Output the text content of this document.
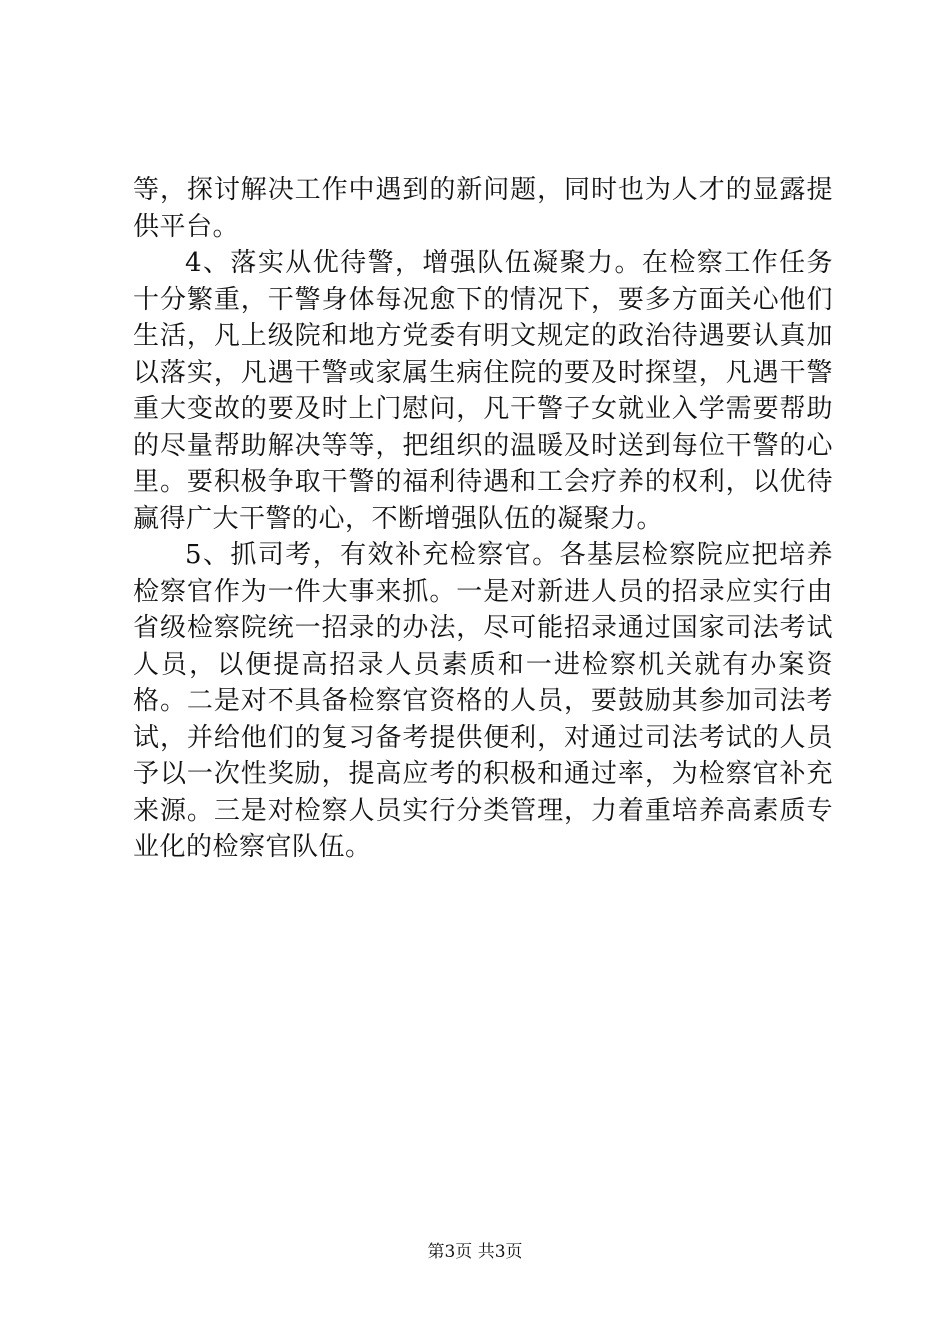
等，探讨解决工作中遇到的新问题，同时也为人才的显露提供平台。

4、落实从优待警，增强队伍凝聚力。在检察工作任务十分繁重，干警身体每况愈下的情况下，要多方面关心他们生活，凡上级院和地方党委有明文规定的政治待遇要认真加以落实，凡遇干警或家属生病住院的要及时探望，凡遇干警重大变故的要及时上门慰问，凡干警子女就业入学需要帮助的尽量帮助解决等等，把组织的温暖及时送到每位干警的心里。要积极争取干警的福利待遇和工会疗养的权利，以优待赢得广大干警的心，不断增强队伍的凝聚力。

5、抓司考，有效补充检察官。各基层检察院应把培养检察官作为一件大事来抓。一是对新进人员的招录应实行由省级检察院统一招录的办法，尽可能招录通过国家司法考试人员，以便提高招录人员素质和一进检察机关就有办案资格。二是对不具备检察官资格的人员，要鼓励其参加司法考试，并给他们的复习备考提供便利，对通过司法考试的人员予以一次性奖励，提高应考的积极和通过率，为检察官补充来源。三是对检察人员实行分类管理，力着重培养高素质专业化的检察官队伍。

第3页 共3页
